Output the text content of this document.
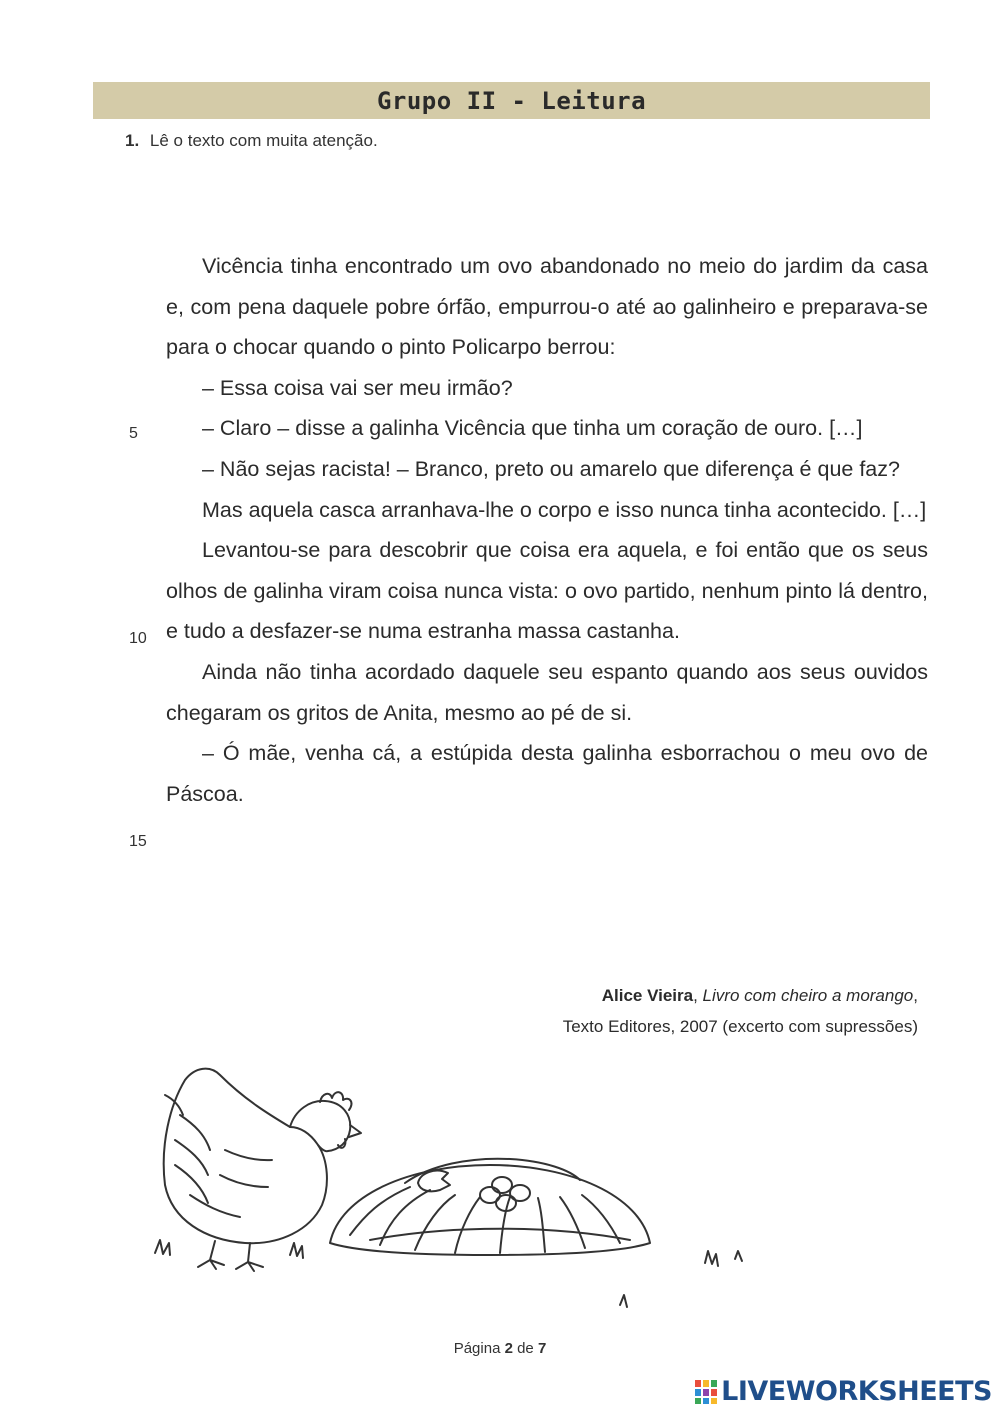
Grupo II - Leitura
1. Lê o texto com muita atenção.

Vicência tinha encontrado um ovo abandonado no meio do jardim da casa e, com pena daquele pobre órfão, empurrou-o até ao galinheiro e preparava-se para o chocar quando o pinto Policarpo berrou:

– Essa coisa vai ser meu irmão?

– Claro – disse a galinha Vicência que tinha um coração de ouro. […]

– Não sejas racista! – Branco, preto ou amarelo que diferença é que faz?

Mas aquela casca arranhava-lhe o corpo e isso nunca tinha acontecido. […]

Levantou-se para descobrir que coisa era aquela, e foi então que os seus olhos de galinha viram coisa nunca vista: o ovo partido, nenhum pinto lá dentro, e tudo a desfazer-se numa estranha massa castanha.

Ainda não tinha acordado daquele seu espanto quando aos seus ouvidos chegaram os gritos de Anita, mesmo ao pé de si.

– Ó mãe, venha cá, a estúpida desta galinha esborrachou o meu ovo de Páscoa.

5
10
15
Alice Vieira, Livro com cheiro a morango,
Texto Editores, 2007 (excerto com supressões)
Página 2 de 7
LIVEWORKSHEETS
